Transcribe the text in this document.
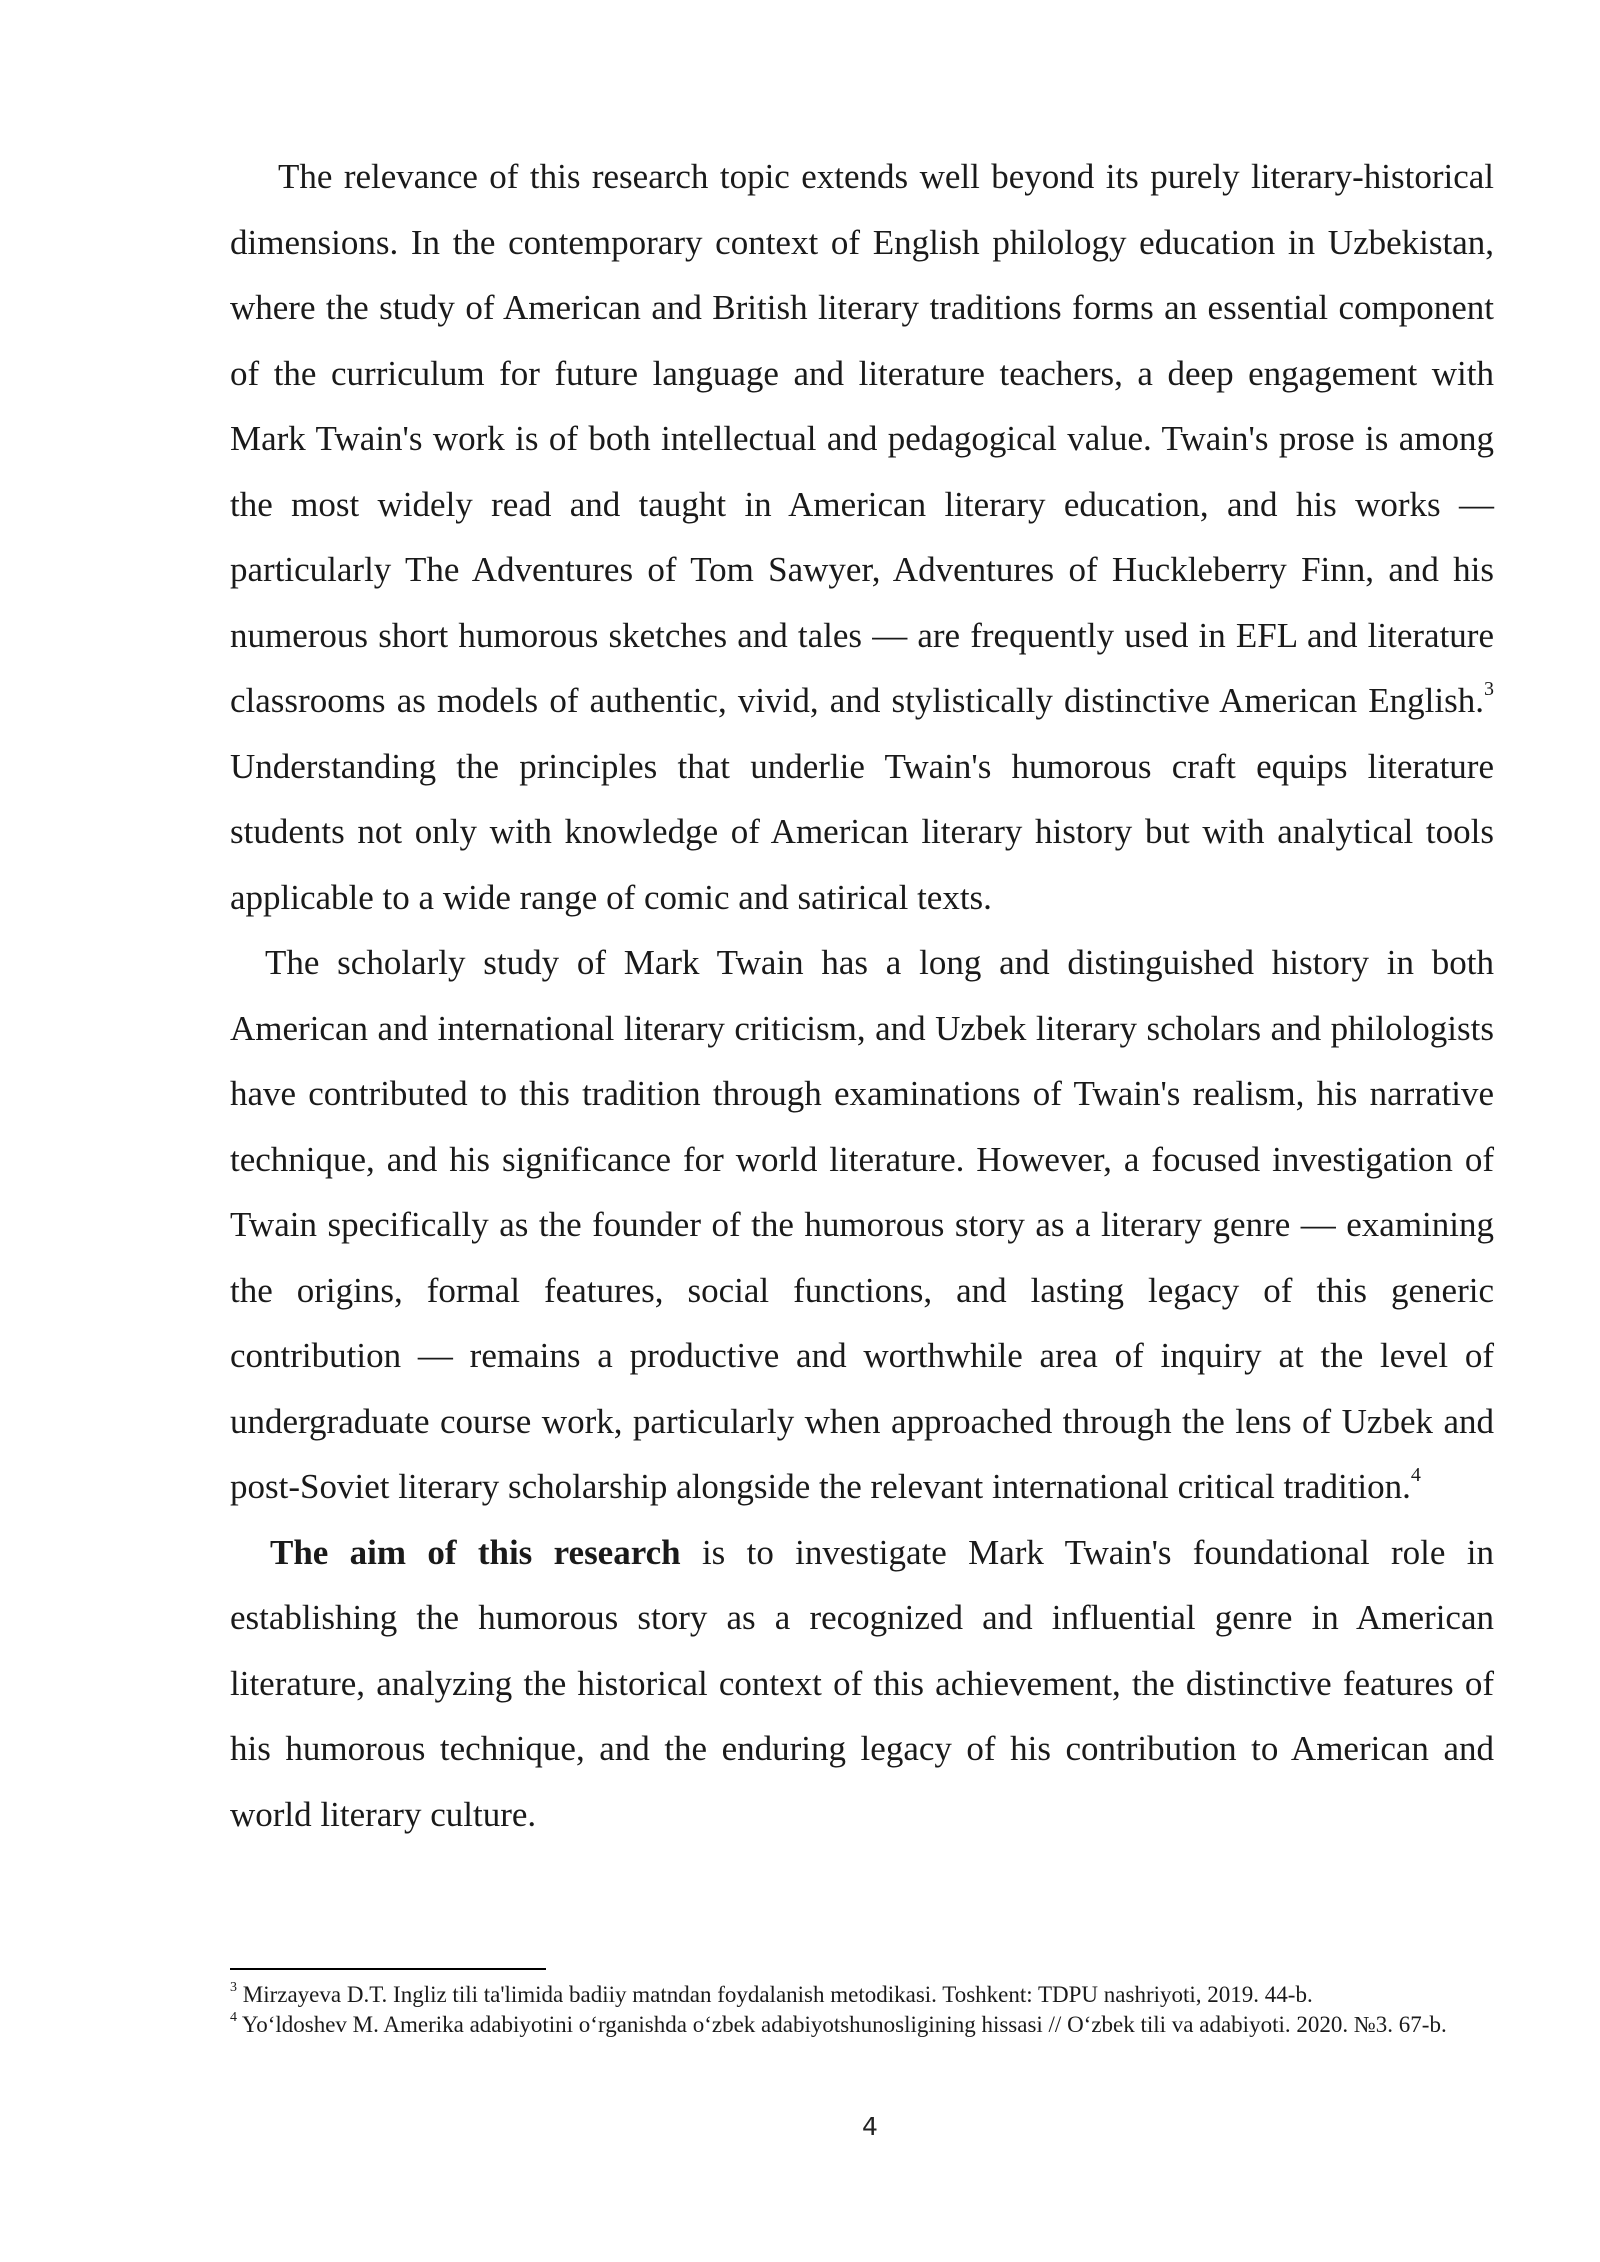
The relevance of this research topic extends well beyond its purely literary-historical dimensions. In the contemporary context of English philology education in Uzbekistan, where the study of American and British literary traditions forms an essential component of the curriculum for future language and literature teachers, a deep engagement with Mark Twain's work is of both intellectual and pedagogical value. Twain's prose is among the most widely read and taught in American literary education, and his works — particularly The Adventures of Tom Sawyer, Adventures of Huckleberry Finn, and his numerous short humorous sketches and tales — are frequently used in EFL and literature classrooms as models of authentic, vivid, and stylistically distinctive American English.$^3$ Understanding the principles that underlie Twain's humorous craft equips literature students not only with knowledge of American literary history but with analytical tools applicable to a wide range of comic and satirical texts.

The scholarly study of Mark Twain has a long and distinguished history in both American and international literary criticism, and Uzbek literary scholars and philologists have contributed to this tradition through examinations of Twain's realism, his narrative technique, and his significance for world literature. However, a focused investigation of Twain specifically as the founder of the humorous story as a literary genre — examining the origins, formal features, social functions, and lasting legacy of this generic contribution — remains a productive and worthwhile area of inquiry at the level of undergraduate course work, particularly when approached through the lens of Uzbek and post-Soviet literary scholarship alongside the relevant international critical tradition.$^4$

The aim of this research is to investigate Mark Twain's foundational role in establishing the humorous story as a recognized and influential genre in American literature, analyzing the historical context of this achievement, the distinctive features of his humorous technique, and the enduring legacy of his contribution to American and world literary culture.

$^3$ Mirzayeva D.T. Ingliz tili ta'limida badiiy matndan foydalanish metodikasi. Toshkent: TDPU nashriyoti, 2019. 44-b.

$^4$ Yo‘ldoshev M. Amerika adabiyotini o‘rganishda o‘zbek adabiyotshunosligining hissasi // O‘zbek tili va adabiyoti. 2020. №3. 67-b.

4
